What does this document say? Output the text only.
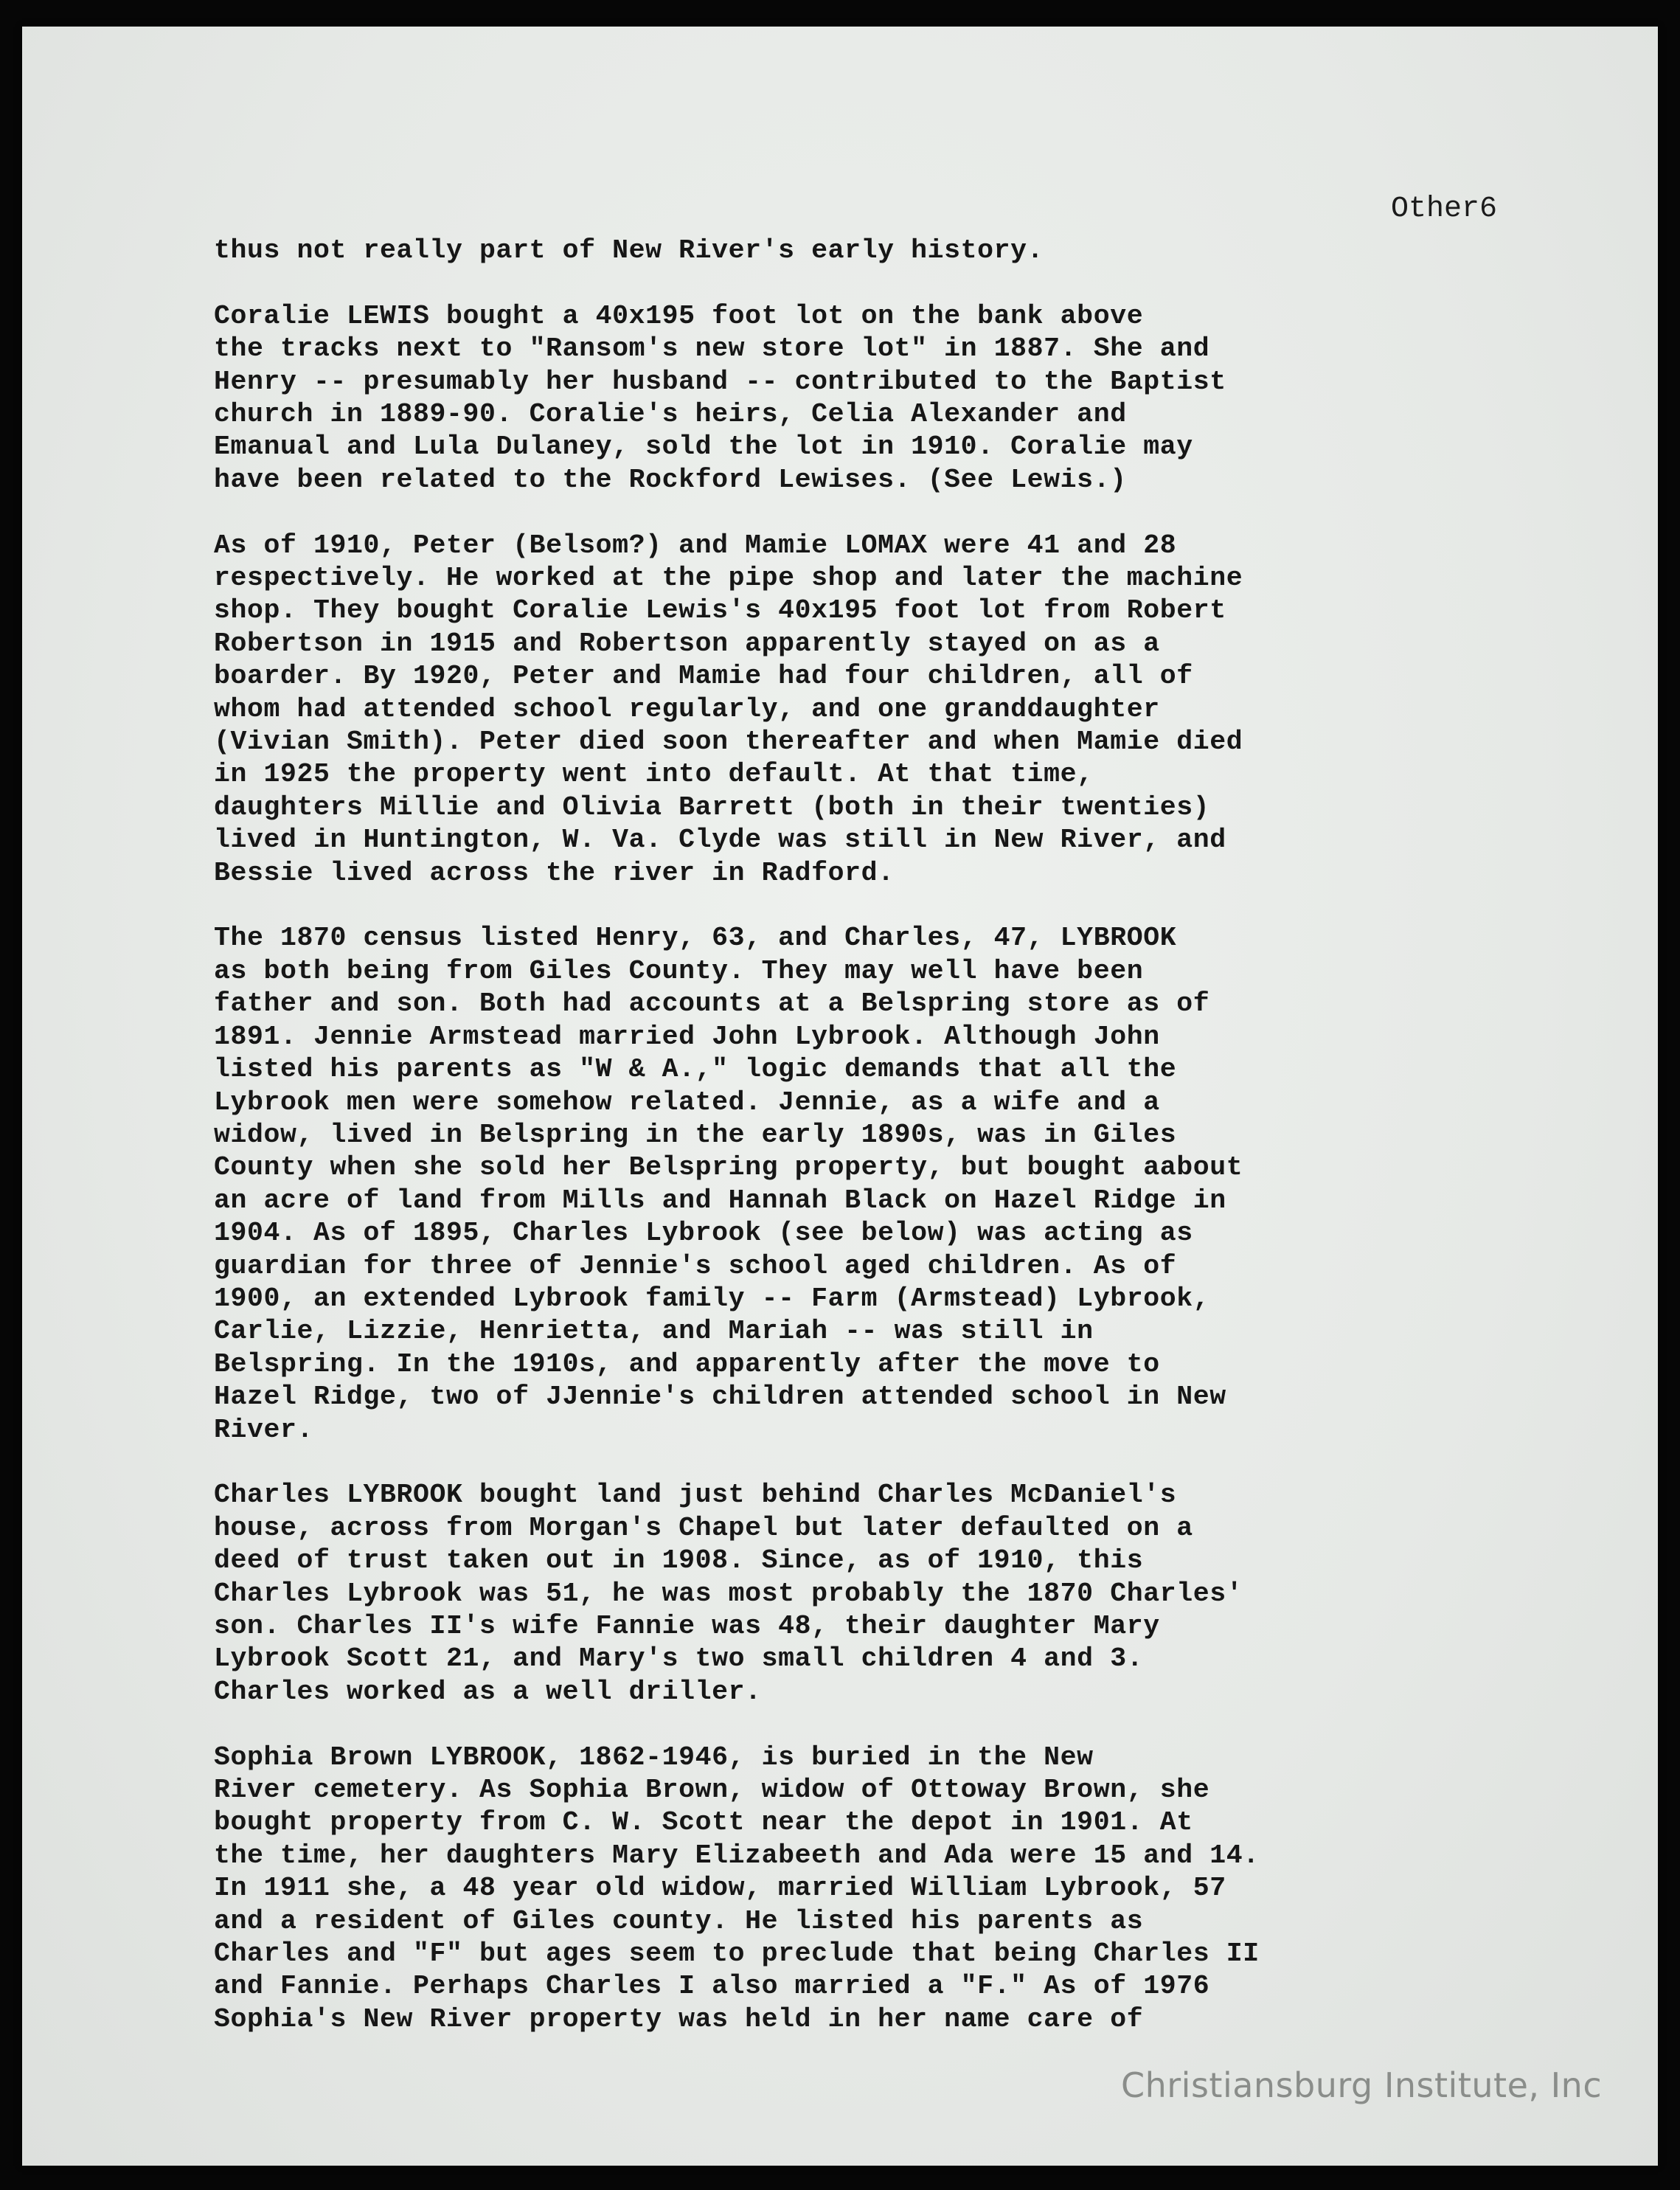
Other6

thus not really part of New River's early history.

Coralie LEWIS bought a 40x195 foot lot on the bank above
the tracks next to "Ransom's new store lot" in 1887. She and
Henry -- presumably her husband -- contributed to the Baptist
church in 1889-90. Coralie's heirs, Celia Alexander and
Emanual and Lula Dulaney, sold the lot in 1910. Coralie may
have been related to the Rockford Lewises. (See Lewis.)

As of 1910, Peter (Belsom?) and Mamie LOMAX were 41 and 28
respectively. He worked at the pipe shop and later the machine
shop. They bought Coralie Lewis's 40x195 foot lot from Robert
Robertson in 1915 and Robertson apparently stayed on as a
boarder. By 1920, Peter and Mamie had four children, all of
whom had attended school regularly, and one granddaughter
(Vivian Smith). Peter died soon thereafter and when Mamie died
in 1925 the property went into default. At that time,
daughters Millie and Olivia Barrett (both in their twenties)
lived in Huntington, W. Va. Clyde was still in New River, and
Bessie lived across the river in Radford.

The 1870 census listed Henry, 63, and Charles, 47, LYBROOK
as both being from Giles County. They may well have been
father and son. Both had accounts at a Belspring store as of
1891. Jennie Armstead married John Lybrook. Although John
listed his parents as "W & A.," logic demands that all the
Lybrook men were somehow related. Jennie, as a wife and a
widow, lived in Belspring in the early 1890s, was in Giles
County when she sold her Belspring property, but bought aabout
an acre of land from Mills and Hannah Black on Hazel Ridge in
1904. As of 1895, Charles Lybrook (see below) was acting as
guardian for three of Jennie's school aged children. As of
1900, an extended Lybrook family -- Farm (Armstead) Lybrook,
Carlie, Lizzie, Henrietta, and Mariah -- was still in
Belspring. In the 1910s, and apparently after the move to
Hazel Ridge, two of JJennie's children attended school in New
River.

Charles LYBROOK bought land just behind Charles McDaniel's
house, across from Morgan's Chapel but later defaulted on a
deed of trust taken out in 1908. Since, as of 1910, this
Charles Lybrook was 51, he was most probably the 1870 Charles'
son. Charles II's wife Fannie was 48, their daughter Mary
Lybrook Scott 21, and Mary's two small children 4 and 3.
Charles worked as a well driller.

Sophia Brown LYBROOK, 1862-1946, is buried in the New
River cemetery. As Sophia Brown, widow of Ottoway Brown, she
bought property from C. W. Scott near the depot in 1901. At
the time, her daughters Mary Elizabeeth and Ada were 15 and 14.
In 1911 she, a 48 year old widow, married William Lybrook, 57
and a resident of Giles county. He listed his parents as
Charles and "F" but ages seem to preclude that being Charles II
and Fannie. Perhaps Charles I also married a "F." As of 1976
Sophia's New River property was held in her name care of

Christiansburg Institute, Inc
